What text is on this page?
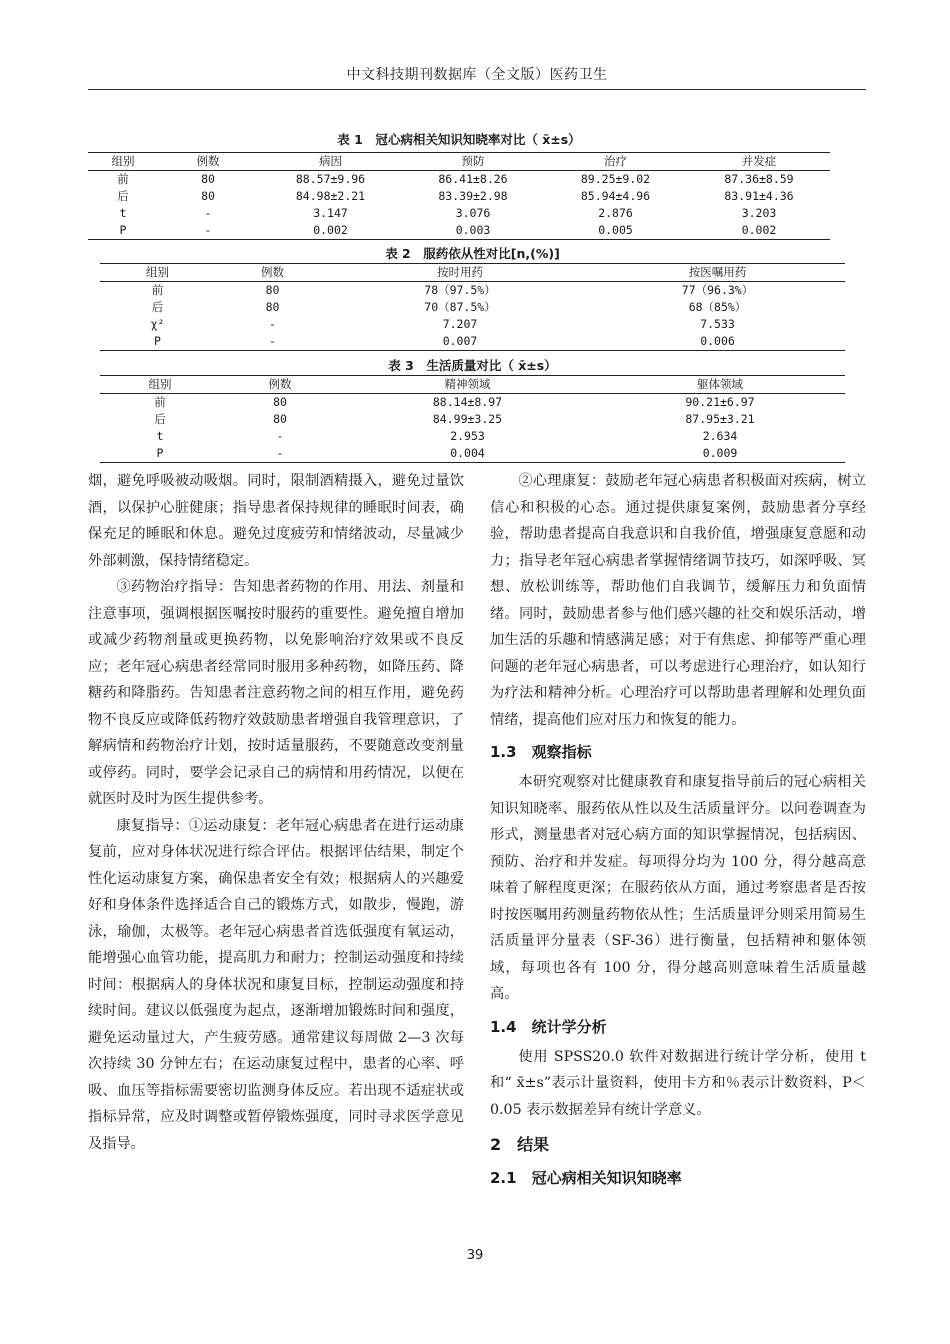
中文科技期刊数据库（全文版）医药卫生
表 1　冠心病相关知识知晓率对比（ x̄±s）
组别	例数	病因	预防	治疗	并发症
前	80	88.57±9.96	86.41±8.26	89.25±9.02	87.36±8.59
后	80	84.98±2.21	83.39±2.98	85.94±4.96	83.91±4.36
t	-	3.147	3.076	2.876	3.203
P	-	0.002	0.003	0.005	0.002
表 2　服药依从性对比[n,(%)]
组别	例数	按时用药	按医嘱用药
前	80	78（97.5%）	77（96.3%）
后	80	70（87.5%）	68（85%）
χ²	-	7.207	7.533
P	-	0.007	0.006
表 3　生活质量对比（ x̄±s）
组别	例数	精神领域	躯体领域
前	80	88.14±8.97	90.21±6.97
后	80	84.99±3.25	87.95±3.21
t	-	2.953	2.634
P	-	0.004	0.009

烟，避免呼吸被动吸烟。同时，限制酒精摄入，避免过量饮酒，以保护心脏健康；指导患者保持规律的睡眠时间表，确保充足的睡眠和休息。避免过度疲劳和情绪波动，尽量减少外部刺激，保持情绪稳定。

③药物治疗指导：告知患者药物的作用、用法、剂量和注意事项，强调根据医嘱按时服药的重要性。避免擅自增加或减少药物剂量或更换药物，以免影响治疗效果或不良反应；老年冠心病患者经常同时服用多种药物，如降压药、降糖药和降脂药。告知患者注意药物之间的相互作用，避免药物不良反应或降低药物疗效鼓励患者增强自我管理意识，了解病情和药物治疗计划，按时适量服药，不要随意改变剂量或停药。同时，要学会记录自己的病情和用药情况，以便在就医时及时为医生提供参考。

康复指导：①运动康复：老年冠心病患者在进行运动康复前，应对身体状况进行综合评估。根据评估结果，制定个性化运动康复方案，确保患者安全有效；根据病人的兴趣爱好和身体条件选择适合自己的锻炼方式，如散步，慢跑，游泳，瑜伽，太极等。老年冠心病患者首选低强度有氧运动，能增强心血管功能，提高肌力和耐力；控制运动强度和持续时间：根据病人的身体状况和康复目标，控制运动强度和持续时间。建议以低强度为起点，逐渐增加锻炼时间和强度，避免运动量过大，产生疲劳感。通常建议每周做 2—3 次每次持续 30 分钟左右；在运动康复过程中，患者的心率、呼吸、血压等指标需要密切监测身体反应。若出现不适症状或指标异常，应及时调整或暂停锻炼强度，同时寻求医学意见及指导。

②心理康复：鼓励老年冠心病患者积极面对疾病，树立信心和积极的心态。通过提供康复案例，鼓励患者分享经验，帮助患者提高自我意识和自我价值，增强康复意愿和动力；指导老年冠心病患者掌握情绪调节技巧，如深呼吸、冥想、放松训练等，帮助他们自我调节，缓解压力和负面情绪。同时，鼓励患者参与他们感兴趣的社交和娱乐活动，增加生活的乐趣和情感满足感；对于有焦虑、抑郁等严重心理问题的老年冠心病患者，可以考虑进行心理治疗，如认知行为疗法和精神分析。心理治疗可以帮助患者理解和处理负面情绪，提高他们应对压力和恢复的能力。

1.3　观察指标

本研究观察对比健康教育和康复指导前后的冠心病相关知识知晓率、服药依从性以及生活质量评分。以问卷调查为形式，测量患者对冠心病方面的知识掌握情况，包括病因、预防、治疗和并发症。每项得分均为 100 分，得分越高意味着了解程度更深；在服药依从方面，通过考察患者是否按时按医嘱用药测量药物依从性；生活质量评分则采用简易生活质量评分量表（SF-36）进行衡量，包括精神和躯体领域，每项也各有 100 分，得分越高则意味着生活质量越高。

1.4　统计学分析

使用 SPSS20.0 软件对数据进行统计学分析，使用 t 和“ x̄±s”表示计量资料，使用卡方和％表示计数资料，P＜0.05 表示数据差异有统计学意义。

2　结果
2.1　冠心病相关知识知晓率
39
